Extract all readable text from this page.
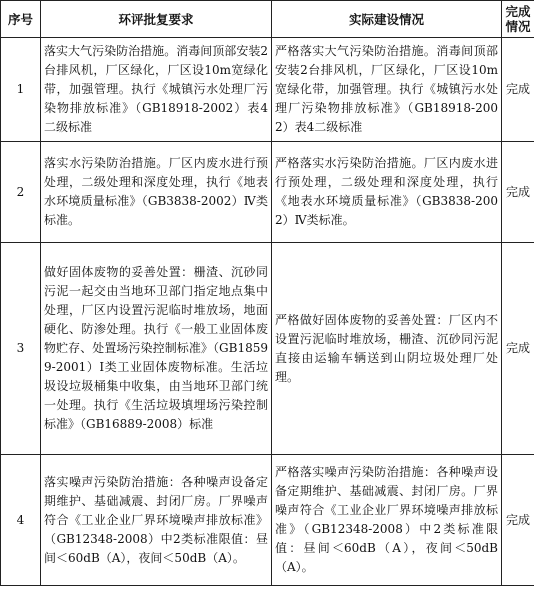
序号	环评批复要求	实际建设情况	完成情况
1	落实大气污染防治措施。消毒间顶部安装2台排风机，厂区绿化，厂区设10m宽绿化带，加强管理。执行《城镇污水处理厂污染物排放标准》（GB18918-2002）表4二级标准	严格落实大气污染防治措施。消毒间顶部安装2台排风机，厂区绿化，厂区设10m宽绿化带，加强管理。执行《城镇污水处理厂污染物排放标准》（GB18918-2002）表4二级标准	完成
2	落实水污染防治措施。厂区内废水进行预处理，二级处理和深度处理，执行《地表水环境质量标准》（GB3838-2002）Ⅳ类标准。	严格落实水污染防治措施。厂区内废水进行预处理，二级处理和深度处理，执行《地表水环境质量标准》（GB3838-2002）Ⅳ类标准。	完成
3	做好固体废物的妥善处置：栅渣、沉砂同污泥一起交由当地环卫部门指定地点集中处理，厂区内设置污泥临时堆放场，地面硬化、防渗处理。执行《一般工业固体废物贮存、处置场污染控制标准》（GB18599-2001）Ⅰ类工业固体废物标准。生活垃圾设垃圾桶集中收集，由当地环卫部门统一处理。执行《生活垃圾填埋场污染控制标准》（GB16889-2008）标准	严格做好固体废物的妥善处置：厂区内不设置污泥临时堆放场，栅渣、沉砂同污泥直接由运输车辆送到山阴垃圾处理厂处理。	完成
4	落实噪声污染防治措施：各种噪声设备定期维护、基础减震、封闭厂房。厂界噪声符合《工业企业厂界环境噪声排放标准》（GB12348-2008）中2类标准限值：昼间＜60dB（A），夜间＜50dB（A）。	严格落实噪声污染防治措施：各种噪声设备定期维护、基础减震、封闭厂房。厂界噪声符合《工业企业厂界环境噪声排放标准》（GB12348-2008）中2类标准限值：昼间＜60dB（A），夜间＜50dB（A）。	完成
